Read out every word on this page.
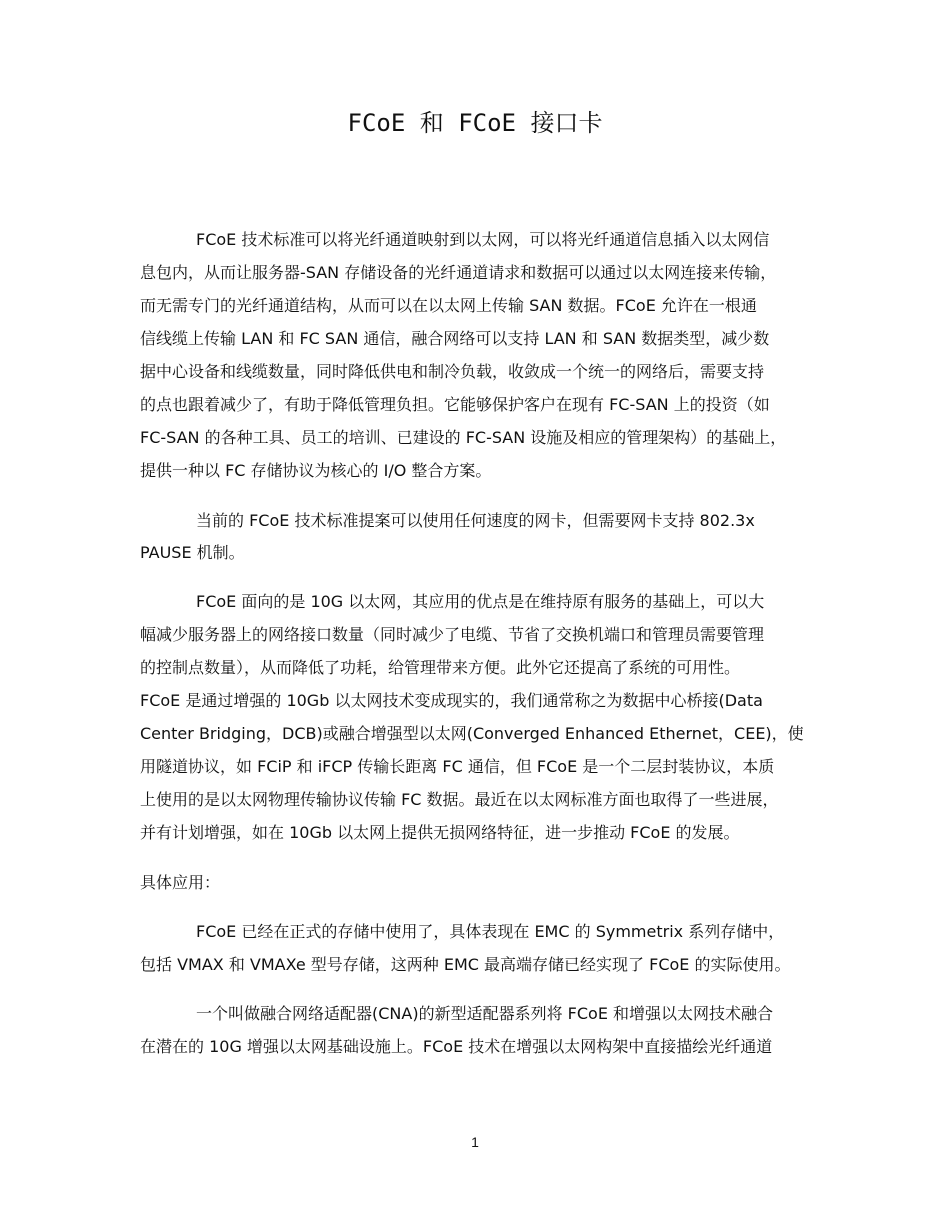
FCoE 和 FCoE 接口卡
FCoE 技术标准可以将光纤通道映射到以太网，可以将光纤通道信息插入以太网信
息包内，从而让服务器-SAN 存储设备的光纤通道请求和数据可以通过以太网连接来传输，
而无需专门的光纤通道结构，从而可以在以太网上传输 SAN 数据。FCoE 允许在一根通
信线缆上传输 LAN 和 FC SAN 通信，融合网络可以支持 LAN 和 SAN 数据类型，减少数
据中心设备和线缆数量，同时降低供电和制冷负载，收敛成一个统一的网络后，需要支持
的点也跟着减少了，有助于降低管理负担。它能够保护客户在现有 FC-SAN 上的投资（如
FC-SAN 的各种工具、员工的培训、已建设的 FC-SAN 设施及相应的管理架构）的基础上，
提供一种以 FC 存储协议为核心的 I/O 整合方案。
当前的 FCoE 技术标准提案可以使用任何速度的网卡，但需要网卡支持 802.3x
PAUSE 机制。
FCoE 面向的是 10G 以太网，其应用的优点是在维持原有服务的基础上，可以大
幅减少服务器上的网络接口数量（同时减少了电缆、节省了交换机端口和管理员需要管理
的控制点数量），从而降低了功耗，给管理带来方便。此外它还提高了系统的可用性。
FCoE 是通过增强的 10Gb 以太网技术变成现实的，我们通常称之为数据中心桥接(Data
Center Bridging，DCB)或融合增强型以太网(Converged Enhanced Ethernet，CEE)，使
用隧道协议，如 FCiP 和 iFCP 传输长距离 FC 通信，但 FCoE 是一个二层封装协议，本质
上使用的是以太网物理传输协议传输 FC 数据。最近在以太网标准方面也取得了一些进展，
并有计划增强，如在 10Gb 以太网上提供无损网络特征，进一步推动 FCoE 的发展。
具体应用：
FCoE 已经在正式的存储中使用了，具体表现在 EMC 的 Symmetrix 系列存储中，
包括 VMAX 和 VMAXe 型号存储，这两种 EMC 最高端存储已经实现了 FCoE 的实际使用。
一个叫做融合网络适配器(CNA)的新型适配器系列将 FCoE 和增强以太网技术融合
在潜在的 10G 增强以太网基础设施上。FCoE 技术在增强以太网构架中直接描绘光纤通道
1
